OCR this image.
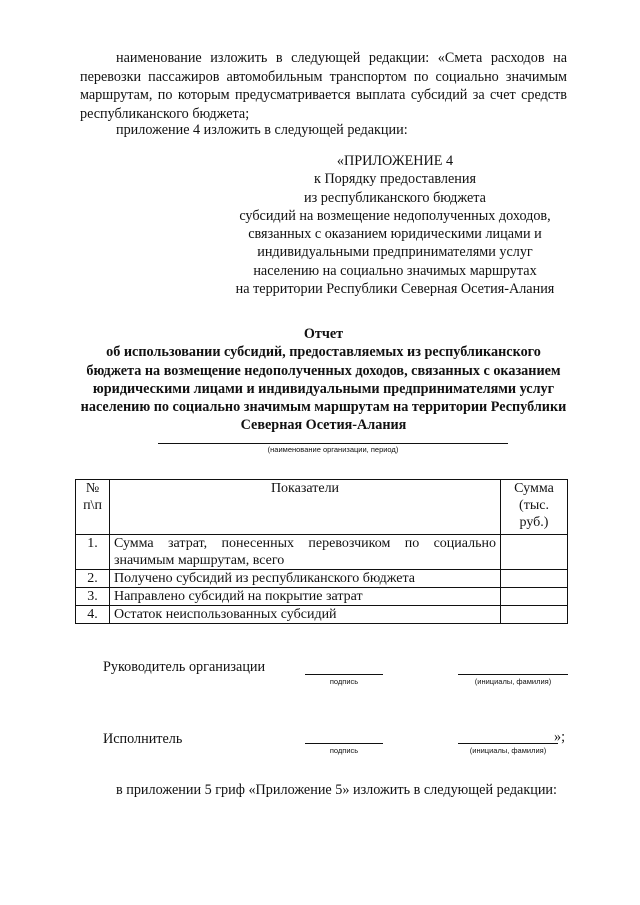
наименование изложить в следующей редакции: «Смета расходов на перевозки пассажиров автомобильным транспортом по социально значимым маршрутам, по которым предусматривается выплата субсидий за счет средств республиканского бюджета;
приложение 4 изложить в следующей редакции:
«ПРИЛОЖЕНИЕ 4
к Порядку предоставления
из республиканского бюджета
субсидий на возмещение недополученных доходов,
связанных с оказанием юридическими лицами и
индивидуальными предпринимателями услуг
населению на социально значимых маршрутах
на территории Республики Северная Осетия-Алания
Отчет
об использовании субсидий, предоставляемых из республиканского бюджета на возмещение недополученных доходов, связанных с оказанием юридическими лицами и индивидуальными предпринимателями услуг населению по социально значимым маршрутам на территории Республики Северная Осетия-Алания
(наименование организации, период)
№ п\п	Показатели	Сумма (тыс. руб.)
1.	Сумма затрат, понесенных перевозчиком по социально значимым маршрутам, всего	
2.	Получено субсидий из республиканского бюджета	
3.	Направлено субсидий на покрытие затрат	
4.	Остаток неиспользованных субсидий	
Руководитель организации
подпись	(инициалы, фамилия)
Исполнитель
подпись
»;
(инициалы, фамилия)
в приложении 5 гриф «Приложение 5» изложить в следующей редакции:
